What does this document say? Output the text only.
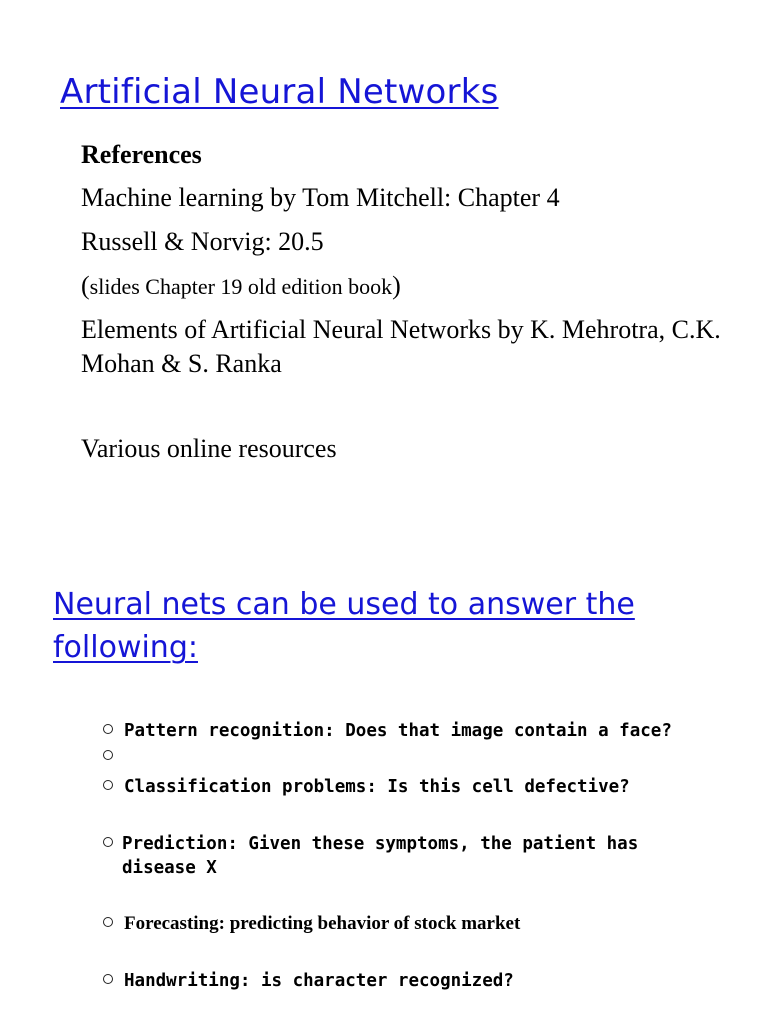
Artificial Neural Networks

References

Machine learning by Tom Mitchell: Chapter 4

Russell & Norvig: 20.5

(slides Chapter 19 old edition book)

Elements of Artificial Neural Networks by K. Mehrotra, C.K. Mohan & S. Ranka

Various online resources

Neural nets can be used to answer the following:
Pattern recognition: Does that image contain a face?
Classification problems: Is this cell defective?
Prediction: Given these symptoms, the patient has disease X
Forecasting: predicting behavior of stock market
Handwriting: is character recognized?
